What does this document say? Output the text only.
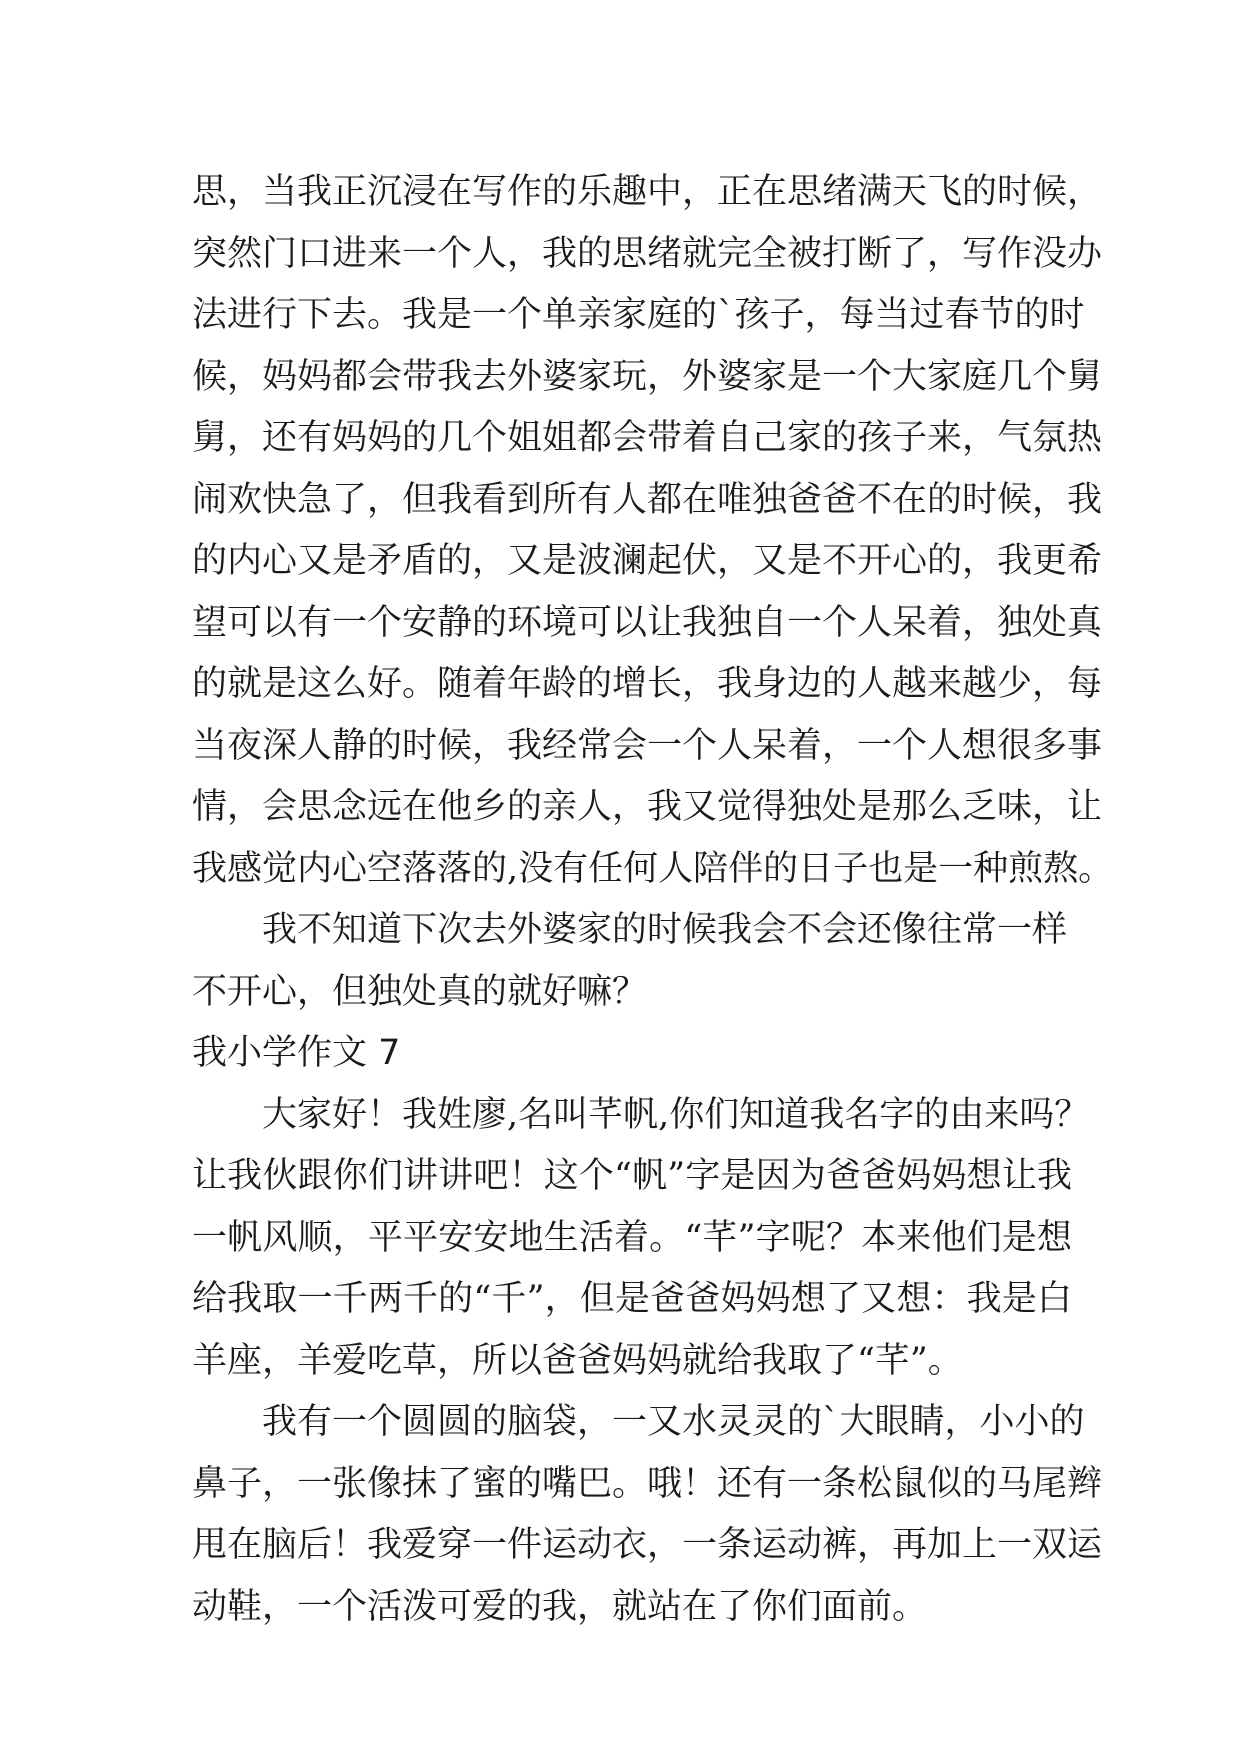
思，当我正沉浸在写作的乐趣中，正在思绪满天飞的时候，
突然门口进来一个人，我的思绪就完全被打断了，写作没办
法进行下去。我是一个单亲家庭的`孩子，每当过春节的时
候，妈妈都会带我去外婆家玩，外婆家是一个大家庭几个舅
舅，还有妈妈的几个姐姐都会带着自己家的孩子来，气氛热
闹欢快急了，但我看到所有人都在唯独爸爸不在的时候，我
的内心又是矛盾的，又是波澜起伏，又是不开心的，我更希
望可以有一个安静的环境可以让我独自一个人呆着，独处真
的就是这么好。随着年龄的增长，我身边的人越来越少，每
当夜深人静的时候，我经常会一个人呆着，一个人想很多事
情，会思念远在他乡的亲人，我又觉得独处是那么乏味，让
我感觉内心空落落的,没有任何人陪伴的日子也是一种煎熬。
　　我不知道下次去外婆家的时候我会不会还像往常一样
不开心，但独处真的就好嘛？
我小学作文 7
　　大家好！我姓廖,名叫芊帆,你们知道我名字的由来吗？
让我伙跟你们讲讲吧！这个“帆”字是因为爸爸妈妈想让我
一帆风顺，平平安安地生活着。“芊”字呢？本来他们是想
给我取一千两千的“千”，但是爸爸妈妈想了又想：我是白
羊座，羊爱吃草，所以爸爸妈妈就给我取了“芊”。
　　我有一个圆圆的脑袋，一又水灵灵的`大眼睛，小小的
鼻子，一张像抹了蜜的嘴巴。哦！还有一条松鼠似的马尾辫
甩在脑后！我爱穿一件运动衣，一条运动裤，再加上一双运
动鞋，一个活泼可爱的我，就站在了你们面前。
